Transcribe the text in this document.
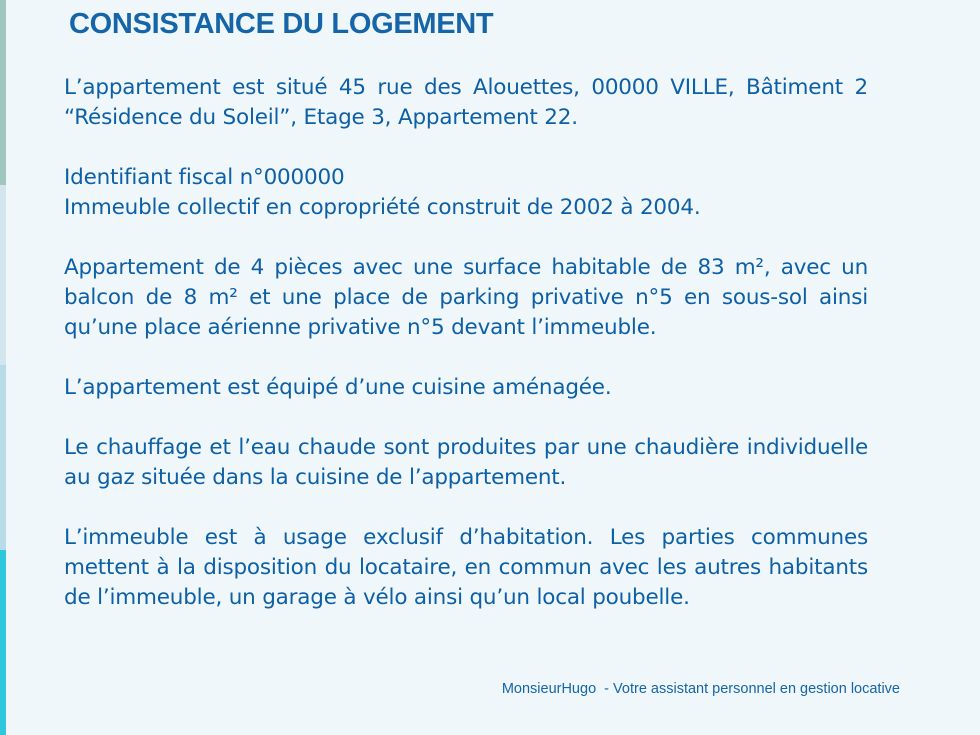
CONSISTANCE DU LOGEMENT

L’appartement est situé 45 rue des Alouettes, 00000 VILLE, Bâtiment 2 “Résidence du Soleil”, Etage 3, Appartement 22.

Identifiant fiscal n°000000
Immeuble collectif en copropriété construit de 2002 à 2004.

Appartement de 4 pièces avec une surface habitable de 83 m², avec un balcon de 8 m² et une place de parking privative n°5 en sous-sol ainsi qu’une place aérienne privative n°5 devant l’immeuble.

L’appartement est équipé d’une cuisine aménagée.

Le chauffage et l’eau chaude sont produites par une chaudière individuelle au gaz située dans la cuisine de l’appartement.

L’immeuble est à usage exclusif d’habitation. Les parties communes mettent à la disposition du locataire, en commun avec les autres habitants de l’immeuble, un garage à vélo ainsi qu’un local poubelle.

MonsieurHugo  - Votre assistant personnel en gestion locative
